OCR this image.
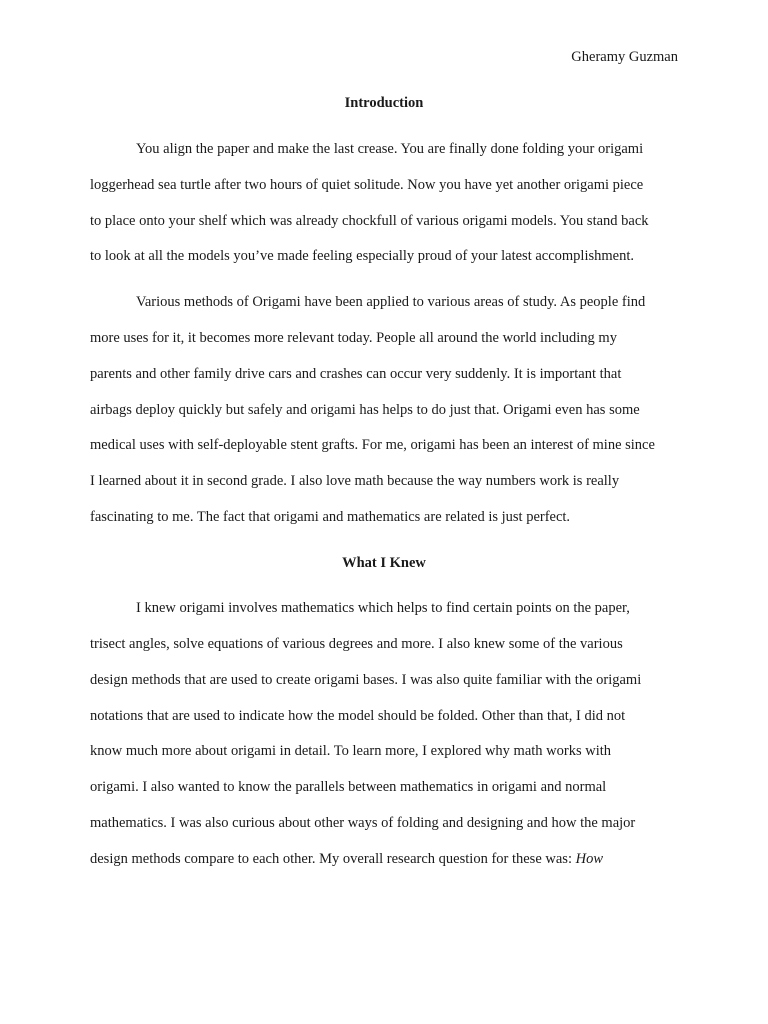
Gheramy Guzman
Introduction
You align the paper and make the last crease. You are finally done folding your origami
loggerhead sea turtle after two hours of quiet solitude. Now you have yet another origami piece
to place onto your shelf which was already chockfull of various origami models. You stand back
to look at all the models you’ve made feeling especially proud of your latest accomplishment.
Various methods of Origami have been applied to various areas of study. As people find
more uses for it, it becomes more relevant today. People all around the world including my
parents and other family drive cars and crashes can occur very suddenly. It is important that
airbags deploy quickly but safely and origami has helps to do just that. Origami even has some
medical uses with self-deployable stent grafts. For me, origami has been an interest of mine since
I learned about it in second grade. I also love math because the way numbers work is really
fascinating to me. The fact that origami and mathematics are related is just perfect.
What I Knew
I knew origami involves mathematics which helps to find certain points on the paper,
trisect angles, solve equations of various degrees and more. I also knew some of the various
design methods that are used to create origami bases. I was also quite familiar with the origami
notations that are used to indicate how the model should be folded. Other than that, I did not
know much more about origami in detail. To learn more, I explored why math works with
origami. I also wanted to know the parallels between mathematics in origami and normal
mathematics. I was also curious about other ways of folding and designing and how the major
design methods compare to each other. My overall research question for these was: How
